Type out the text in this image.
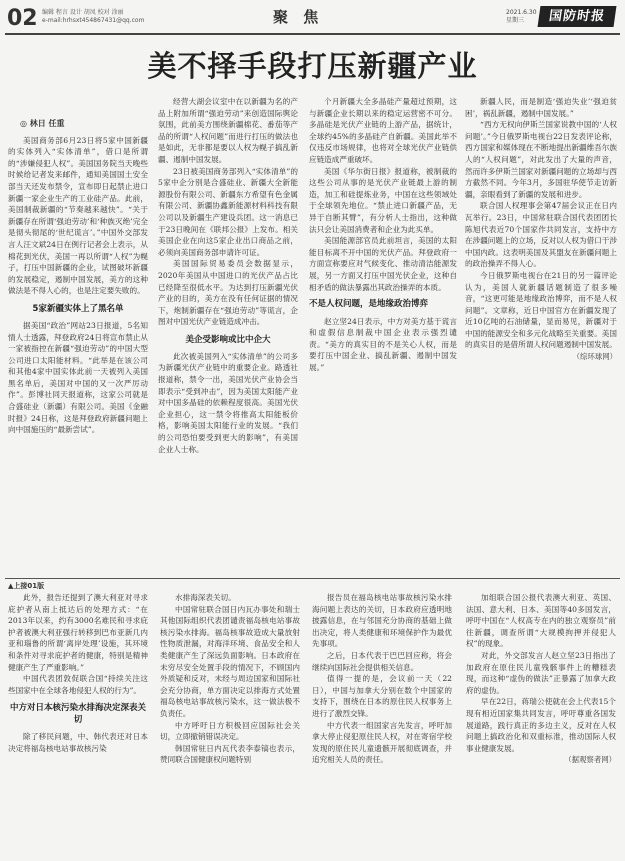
02 编辑 程言 设计 胡凤 校对 涂丽
e-mail:hrhsxt454867431@qq.com	聚 焦	2021.6.30
星期三	国防时报
美不择手段打压新疆产业
◎ 林日 任重

美国商务部6月23日将5家中国新疆的实体列入“实体清单”，借口是所谓的“涉嫌侵犯人权”。美国国务院当天晚些时候给记者发来邮件，通知美国国土安全部当天还发布禁令，宣布即日起禁止进口新疆一家企业生产的工业硅产品。此前，美国制裁新疆的“节奏越来越快”。“关于新疆存在所谓‘强迫劳动’和‘种族灭绝’完全是彻头彻尾的‘世纪谎言’。”中国外交部发言人汪文斌24日在例行记者会上表示，从棉花到光伏，美国一再以所谓“人权”为幌子，打压中国新疆的企业，试图破坏新疆的发展稳定，遏制中国发展，美方的这种做法是不得人心的，也是注定要失败的。

5家新疆实体上了黑名单

据美国“政治”网站23日报道，5名知情人士透露，拜登政府24日将宣布禁止从一家被指控在新疆“强迫劳动”的中国大型公司进口太阳能材料。“此举是在该公司和其他4家中国实体此前一天被列入美国黑名单后，美国对中国的又一次严厉动作”。彭博社同天报道称，这家公司就是合盛硅业（新疆）有限公司。美国《金融时报》24日称，这是拜登政府新疆问题上向中国施压的“最新尝试”。

经营大湖会议室中在以新疆为名的产品上附加所谓“强迫劳动”来创造国际舆论氛围，此前美方围绕新疆棉花、番茄等产品的所谓“人权问题”而进行打压的做法也是如此，无非都是要以人权为幌子搞乱新疆、遏制中国发展。

23日被美国商务部列入“实体清单”的5家中企分别是合盛硅业、新疆大全新能源股份有限公司、新疆东方希望有色金属有限公司、新疆协鑫新能源材料科技有限公司以及新疆生产建设兵团。这一消息已于23日晚间在《联邦公报》上发布。相关美国企业在向这5家企业出口商品之前，必须向美国商务部申请许可证。

美国国际贸易委员会数据显示，2020年美国从中国进口的光伏产品占比已经降至很低水平。为达到打压新疆光伏产业的目的，美方在没有任何证据的情况下，炮制新疆存在“强迫劳动”等谎言，企图对中国光伏产业链造成冲击。

美企受影响或比中企大

此次被美国列入“实体清单”的公司多为新疆光伏产业链中的重要企业。路透社报道称，禁令一出，美国光伏产业协会当即表示“受到冲击”，因为美国太阳能产业对中国多晶硅的依赖程度很高。美国光伏企业担心，这一禁令将推高太阳能板价格，影响美国太阳能行业的发展。“我们的公司恐怕要受到更大的影响”，有美国企业人士称。

个月新疆大全多晶硅产量超过预期，这与新疆企业长期以来的稳定运营密不可分。多晶硅是光伏产业链的上游产品，据统计，全球约45%的多晶硅产自新疆。美国此举不仅违反市场规律，也将对全球光伏产业链供应链造成严重破坏。

美国《华尔街日报》报道称，被制裁的这些公司从事的是光伏产业链最上游的制造，加工和硅提炼业务，中国在这些领域处于全球领先地位。“禁止进口新疆产品，无异于自断其臂”，有分析人士指出，这种做法只会让美国消费者和企业为此买单。

美国能源部官员此前坦言，美国的太阳能目标离不开中国的光伏产品。拜登政府一方面宣称要应对气候变化、推动清洁能源发展，另一方面又打压中国光伏企业，这种自相矛盾的做法暴露出其政治操弄的本质。

不是人权问题，是地缘政治博弈

赵立坚24日表示，中方对美方基于谎言和虚假信息制裁中国企业表示强烈谴责。“美方的真实目的不是关心人权，而是要打压中国企业、搞乱新疆、遏制中国发展。”

新疆人民，而是制造‘强迫失业’‘强迫贫困’，祸乱新疆，遏制中国发展。”

“西方无权向伊斯兰国家说教中国的‘人权问题’。”今日俄罗斯电视台22日发表评论称，西方国家和媒体现在不断地提出新疆维吾尔族人的“人权问题”，对此发出了大量的声音，然而许多伊斯兰国家对新疆问题的立场却与西方截然不同。今年3月，多国驻华使节走访新疆，亲眼看到了新疆的发展和进步。

联合国人权理事会第47届会议正在日内瓦举行。23日，中国常驻联合国代表团团长陈旭代表近70个国家作共同发言，支持中方在涉疆问题上的立场，反对以人权为借口干涉中国内政。这表明美国及其盟友在新疆问题上的政治操弄不得人心。

今日俄罗斯电视台在21日的另一篇评论认为，美国人就新疆话题制造了很多噪音，“这更可能是地缘政治博弈，而不是人权问题”。文章称，近日中国官方在新疆发现了近10亿吨的石油储量，显而易见，新疆对于中国的能源安全和多元化战略至关重要。美国的真实目的是借所谓人权问题遏制中国发展。

（综环球网）
▲上接01版

此外，报告还提到了澳大利亚对寻求庇护者从南上抵达后的处理方式：“在2013年以来，约有3000名难民和寻求庇护者被澳大利亚强行转移到巴布亚新几内亚和瑙鲁的所谓‘离岸处理’设施，其环境和条件对寻求庇护者的健康，特别是精神健康产生了严重影响。”

中国代表团敦促联合国“持续关注这些国家中在全球各地侵犯人权的行为”。

中方对日本核污染水排海决定深表关切

除了移民问题，中、韩代表还对日本决定将福岛核电站事故核污染

水排海深表关切。

中国常驻联合国日内瓦办事处和瑞士其他国际组织代表团谴责福岛核电站事故核污染水排海。福岛核事故造成大量放射性物质泄漏，对海洋环境、食品安全和人类健康产生了深远负面影响。日本政府在未穷尽安全处置手段的情况下，不顾国内外质疑和反对，未经与周边国家和国际社会充分协商，单方面决定以排海方式处置福岛核电站事故核污染水，这一做法极不负责任。

中方呼吁日方积极回应国际社会关切，立即撤销错误决定。

韩国常驻日内瓦代表李泰镐也表示，赞同联合国健康权问题特别

报告员在福岛核电站事故核污染水排海问题上表达的关切，日本政府应透明地披露信息，在与邻国充分协商的基础上做出决定，将人类健康和环境保护作为最优先事项。

之后，日本代表于巴巴回应称，将会继续向国际社会提供相关信息。

值得一提的是，会议前一天（22日），中国与加拿大分别在数个中国家的支持下，围绕在日本的原住民人权事务上进行了激烈交锋。

中方代表一组国家言先发言，呼吁加拿大停止侵犯原住民人权，对在寄宿学校发现的原住民儿童遗骸开展彻底调查，并追究相关人员的责任。

加组联合国公报代表澳大利亚、英国、法国、意大利、日本、美国等40多国发言，呼吁中国在“人权高专在内的独立观察员”前往新疆，调查所谓“大规模拘押并侵犯人权”的现象。

对此，外交部发言人赵立坚23日指出了加政府在原住民儿童残骸事件上的糟糕表现，而这种“虚伪的做法”正暴露了加拿大政府的虚伪。

早在22日，蒋瑞公使就在会上代表15个现有相近国家集共同发言，呼吁尊重各国发展道路，践行真正的多边主义，反对在人权问题上搞政治化和双重标准，推动国际人权事业健康发展。

（据观察者网）
